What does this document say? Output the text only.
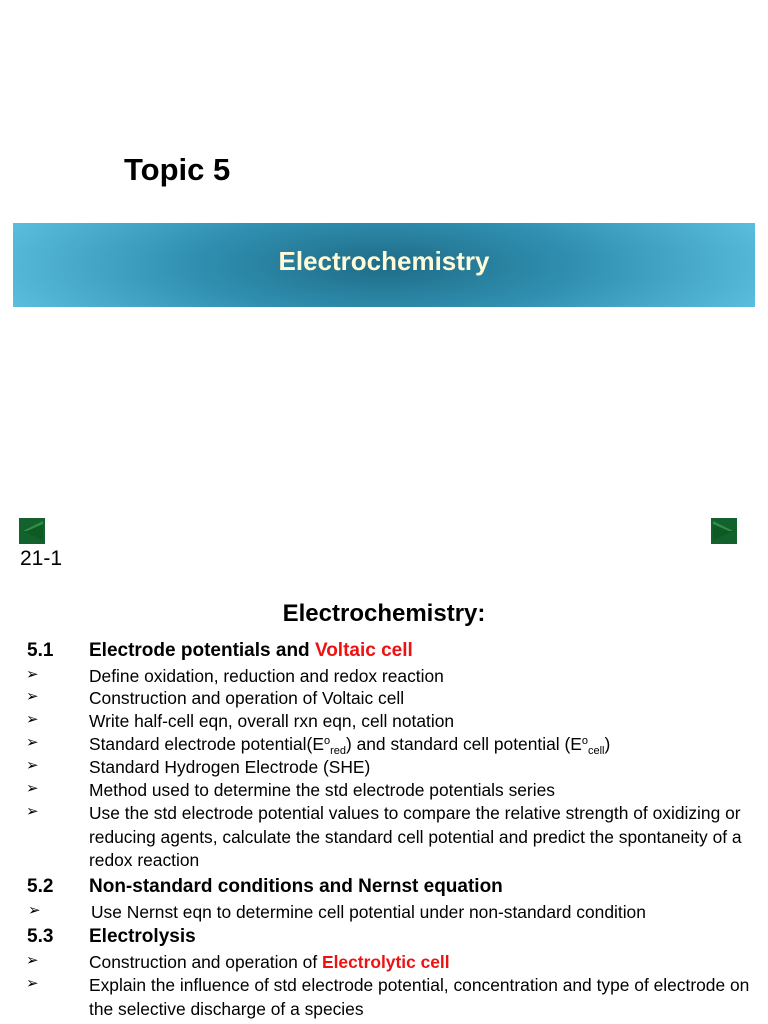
Topic 5
Electrochemistry
21-1
Electrochemistry:
5.1 Electrode potentials and Voltaic cell
➢	Define oxidation, reduction and redox reaction
➢	Construction and operation of Voltaic cell
➢	Write half-cell eqn, overall rxn eqn, cell notation
➢	Standard electrode $potential(E^o_{red})$ and standard cell potential $(E^o_{cell})$
➢	Standard Hydrogen Electrode (SHE)
➢	Method used to determine the std electrode potentials series
➢	Use the std electrode potential values to compare the relative strength of oxidizing or reducing agents, calculate the standard cell potential and predict the spontaneity of a redox reaction
5.2 Non-standard conditions and Nernst equation
➢	Use Nernst eqn to determine cell potential under non-standard condition
5.3 Electrolysis
➢	Construction and operation of Electrolytic cell
➢	Explain the influence of std electrode potential, concentration and type of electrode on the selective discharge of a species
